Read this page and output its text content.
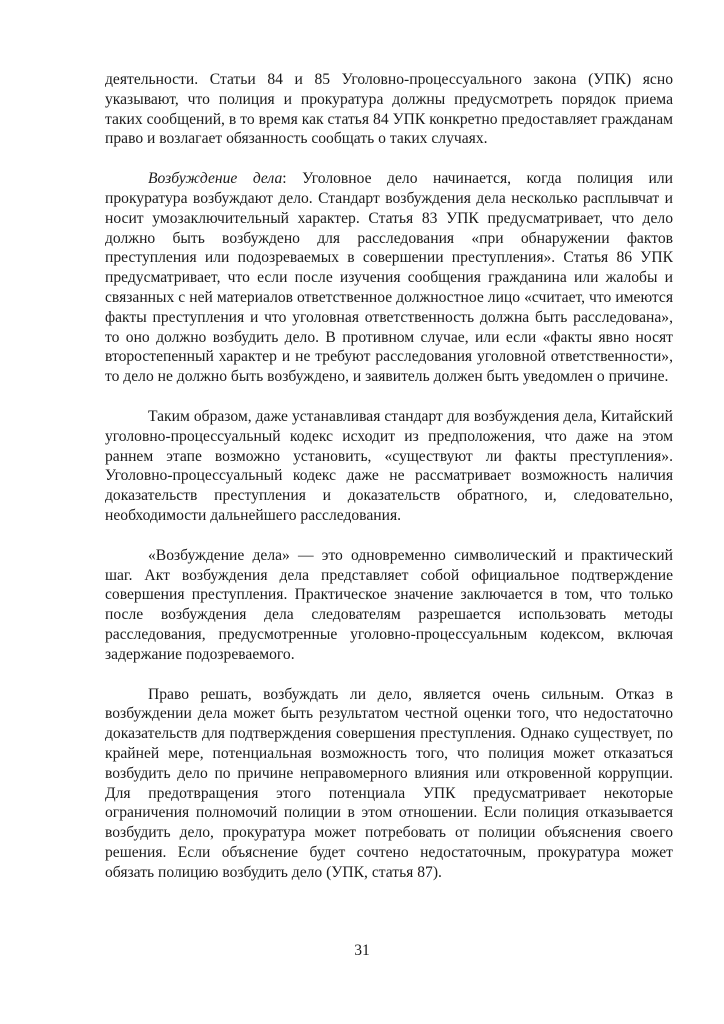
деятельности. Статьи 84 и 85 Уголовно-процессуального закона (УПК) ясно указывают, что полиция и прокуратура должны предусмотреть порядок приема таких сообщений, в то время как статья 84 УПК конкретно предоставляет гражданам право и возлагает обязанность сообщать о таких случаях.

Возбуждение дела: Уголовное дело начинается, когда полиция или прокуратура возбуждают дело. Стандарт возбуждения дела несколько расплывчат и носит умозаключительный характер. Статья 83 УПК предусматривает, что дело должно быть возбуждено для расследования «при обнаружении фактов преступления или подозреваемых в совершении преступления». Статья 86 УПК предусматривает, что если после изучения сообщения гражданина или жалобы и связанных с ней материалов ответственное должностное лицо «считает, что имеются факты преступления и что уголовная ответственность должна быть расследована», то оно должно возбудить дело. В противном случае, или если «факты явно носят второстепенный характер и не требуют расследования уголовной ответственности», то дело не должно быть возбуждено, и заявитель должен быть уведомлен о причине.

Таким образом, даже устанавливая стандарт для возбуждения дела, Китайский уголовно-процессуальный кодекс исходит из предположения, что даже на этом раннем этапе возможно установить, «существуют ли факты преступления». Уголовно-процессуальный кодекс даже не рассматривает возможность наличия доказательств преступления и доказательств обратного, и, следовательно, необходимости дальнейшего расследования.

«Возбуждение дела» — это одновременно символический и практический шаг. Акт возбуждения дела представляет собой официальное подтверждение совершения преступления. Практическое значение заключается в том, что только после возбуждения дела следователям разрешается использовать методы расследования, предусмотренные уголовно-процессуальным кодексом, включая задержание подозреваемого.

Право решать, возбуждать ли дело, является очень сильным. Отказ в возбуждении дела может быть результатом честной оценки того, что недостаточно доказательств для подтверждения совершения преступления. Однако существует, по крайней мере, потенциальная возможность того, что полиция может отказаться возбудить дело по причине неправомерного влияния или откровенной коррупции. Для предотвращения этого потенциала УПК предусматривает некоторые ограничения полномочий полиции в этом отношении. Если полиция отказывается возбудить дело, прокуратура может потребовать от полиции объяснения своего решения. Если объяснение будет сочтено недостаточным, прокуратура может обязать полицию возбудить дело (УПК, статья 87).

31
